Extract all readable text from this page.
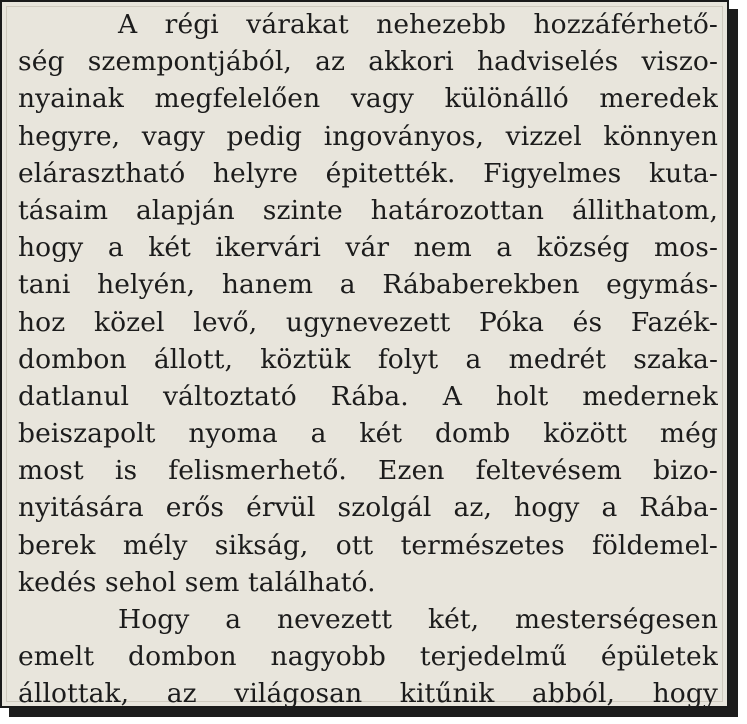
A régi várakat nehezebb hozzáférhető-
ség szempontjából, az akkori hadviselés viszo-
nyainak megfelelően vagy különálló meredek
hegyre, vagy pedig ingoványos, vizzel könnyen
elárasztható helyre épitették. Figyelmes kuta-
tásaim alapján szinte határozottan állithatom,
hogy a két ikervári vár nem a község mos-
tani helyén, hanem a Rábaberekben egymás-
hoz közel levő, ugynevezett Póka és Fazék-
dombon állott, köztük folyt a medrét szaka-
datlanul változtató Rába. A holt medernek
beiszapolt nyoma a két domb között még
most is felismerhető. Ezen feltevésem bizo-
nyitására erős érvül szolgál az, hogy a Rába-
berek mély sikság, ott természetes földemel-
kedés sehol sem található.
Hogy a nevezett két, mesterségesen
emelt dombon nagyobb terjedelmű épületek
állottak, az világosan kitűnik abból, hogy
